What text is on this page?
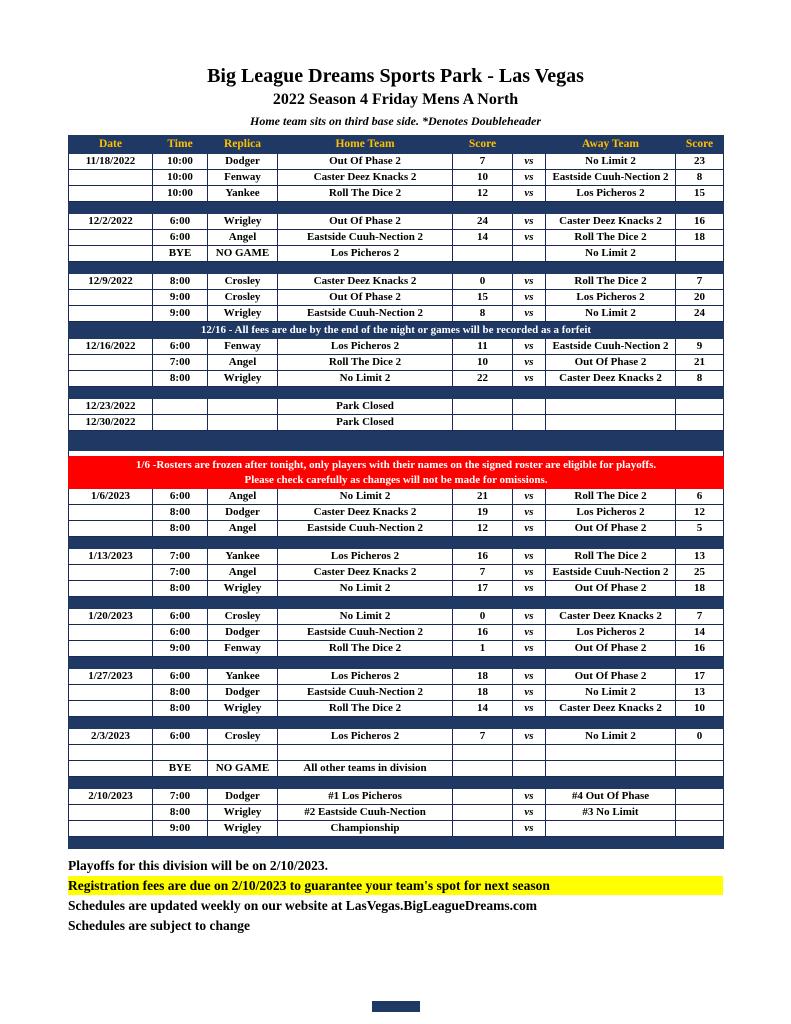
Big League Dreams Sports Park - Las Vegas
2022 Season 4 Friday Mens A North
Home team sits on third base side. *Denotes Doubleheader
Date	Time	Replica	Home Team	Score		Away Team	Score
11/18/2022	10:00	Dodger	Out Of Phase 2	7	vs	No Limit 2	23
	10:00	Fenway	Caster Deez Knacks 2	10	vs	Eastside Cuuh-Nection 2	8
	10:00	Yankee	Roll The Dice 2	12	vs	Los Picheros 2	15

12/2/2022	6:00	Wrigley	Out Of Phase 2	24	vs	Caster Deez Knacks 2	16
	6:00	Angel	Eastside Cuuh-Nection 2	14	vs	Roll The Dice 2	18
	BYE	NO GAME	Los Picheros 2			No Limit 2	

12/9/2022	8:00	Crosley	Caster Deez Knacks 2	0	vs	Roll The Dice 2	7
	9:00	Crosley	Out Of Phase 2	15	vs	Los Picheros 2	20
	9:00	Wrigley	Eastside Cuuh-Nection 2	8	vs	No Limit 2	24
12/16 - All fees are due by the end of the night or games will be recorded as a forfeit							
12/16/2022	6:00	Fenway	Los Picheros 2	11	vs	Eastside Cuuh-Nection 2	9
	7:00	Angel	Roll The Dice 2	10	vs	Out Of Phase 2	21
	8:00	Wrigley	No Limit 2	22	vs	Caster Deez Knacks 2	8

12/23/2022			Park Closed				
12/30/2022			Park Closed				

1/6 -Rosters are frozen after tonight, only players with their names on the signed roster are eligible for playoffs.
Please check carefully as changes will not be made for omissions.							

1/6/2023	6:00	Angel	No Limit 2	21	vs	Roll The Dice 2	6
	8:00	Dodger	Caster Deez Knacks 2	19	vs	Los Picheros 2	12
	8:00	Angel	Eastside Cuuh-Nection 2	12	vs	Out Of Phase 2	5

1/13/2023	7:00	Yankee	Los Picheros 2	16	vs	Roll The Dice 2	13
	7:00	Angel	Caster Deez Knacks 2	7	vs	Eastside Cuuh-Nection 2	25
	8:00	Wrigley	No Limit 2	17	vs	Out Of Phase 2	18

1/20/2023	6:00	Crosley	No Limit 2	0	vs	Caster Deez Knacks 2	7
	6:00	Dodger	Eastside Cuuh-Nection 2	16	vs	Los Picheros 2	14
	9:00	Fenway	Roll The Dice 2	1	vs	Out Of Phase 2	16

1/27/2023	6:00	Yankee	Los Picheros 2	18	vs	Out Of Phase 2	17
	8:00	Dodger	Eastside Cuuh-Nection 2	18	vs	No Limit 2	13
	8:00	Wrigley	Roll The Dice 2	14	vs	Caster Deez Knacks 2	10

2/3/2023	6:00	Crosley	Los Picheros 2	7	vs	No Limit 2	0

	BYE	NO GAME	All other teams in division				

2/10/2023	7:00	Dodger	#1 Los Picheros		vs	#4 Out Of Phase	
	8:00	Wrigley	#2 Eastside Cuuh-Nection		vs	#3 No Limit	
	9:00	Wrigley	Championship		vs		

Playoffs for this division will be on 2/10/2023.
Registration fees are due on 2/10/2023 to guarantee your team's spot for next season
Schedules are updated weekly on our website at LasVegas.BigLeagueDreams.com
Schedules are subject to change
